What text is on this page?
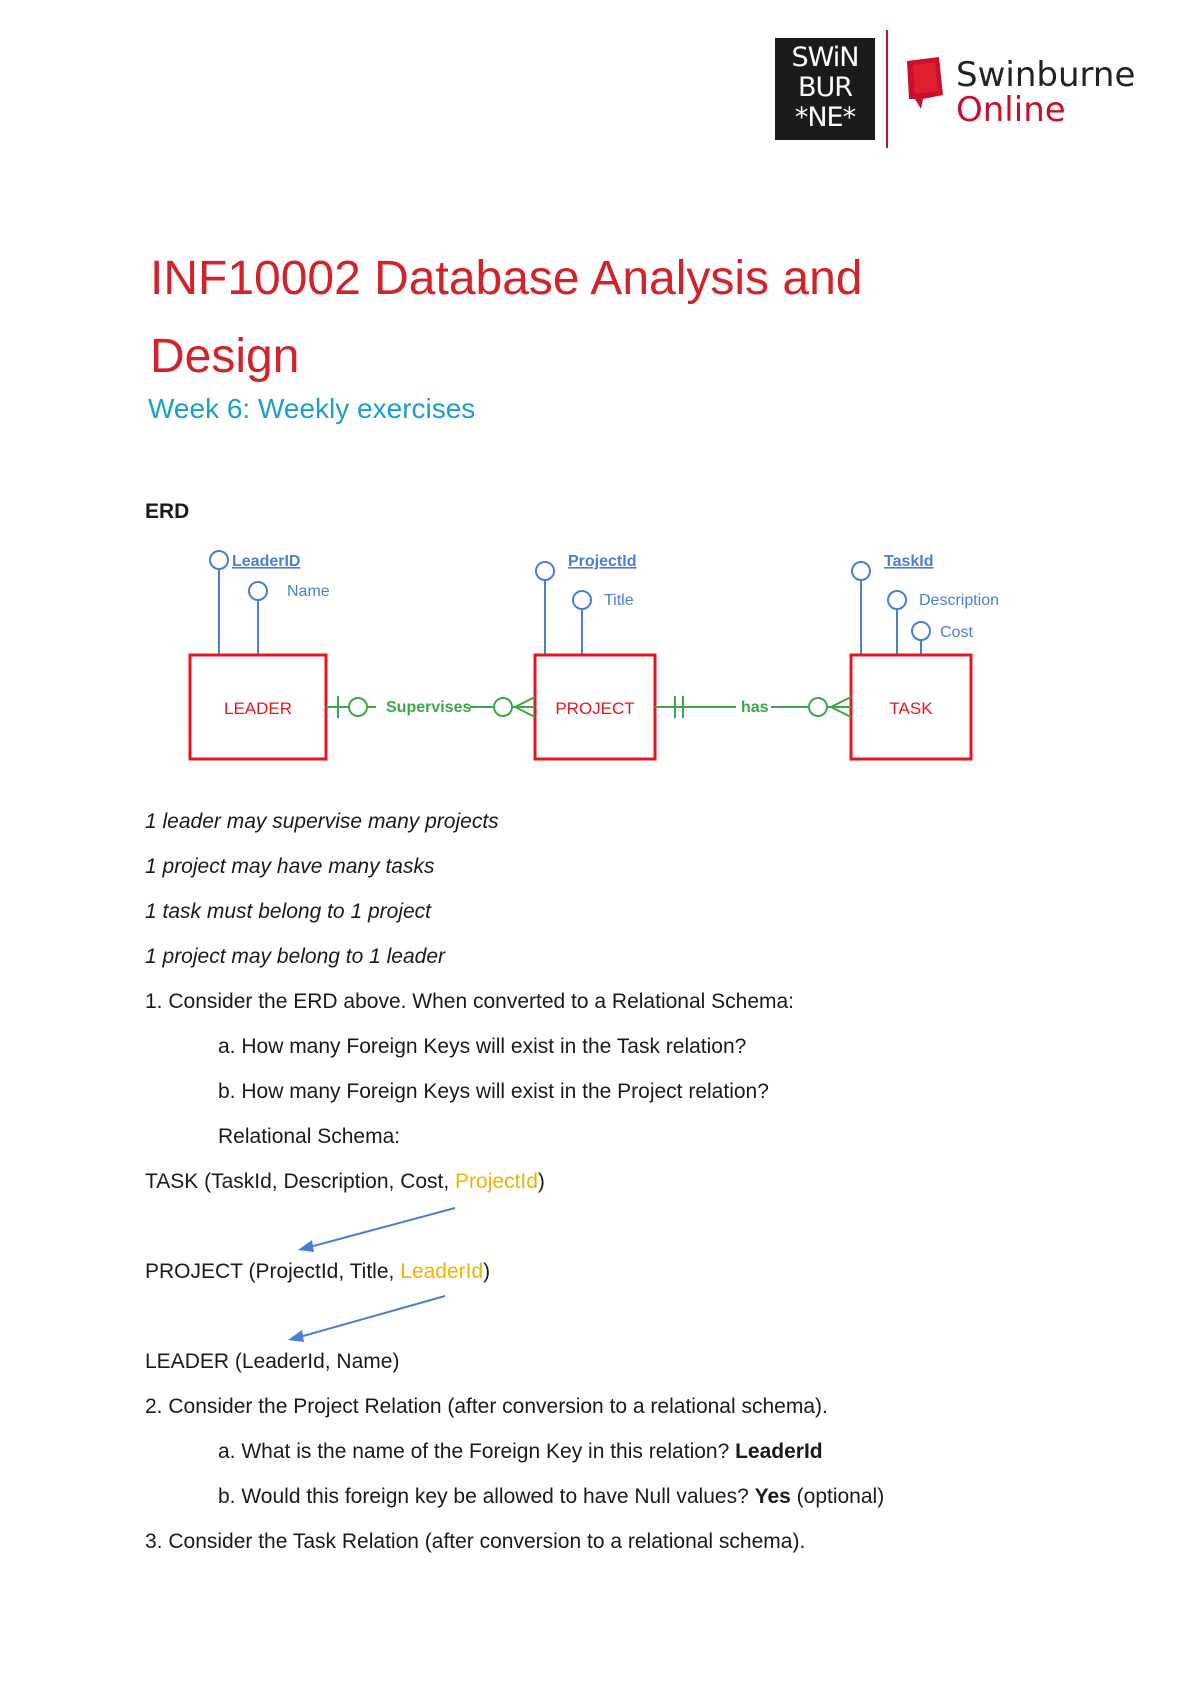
SWiN
BUR
*NE*
Swinburne
Online
INF10002 Database Analysis and Design
Week 6: Weekly exercises
ERD
LeaderID
Name
ProjectId
Title
TaskId
Description
Cost
LEADER	PROJECT	TASK
Supervises	has
1 leader may supervise many projects
1 project may have many tasks
1 task must belong to 1 project
1 project may belong to 1 leader
1. Consider the ERD above. When converted to a Relational Schema:
a. How many Foreign Keys will exist in the Task relation?
b. How many Foreign Keys will exist in the Project relation?
Relational Schema:
TASK (TaskId, Description, Cost, ProjectId)
PROJECT (ProjectId, Title, LeaderId)
LEADER (LeaderId, Name)
2. Consider the Project Relation (after conversion to a relational schema).
a. What is the name of the Foreign Key in this relation? LeaderId
b. Would this foreign key be allowed to have Null values? Yes (optional)
3. Consider the Task Relation (after conversion to a relational schema).
